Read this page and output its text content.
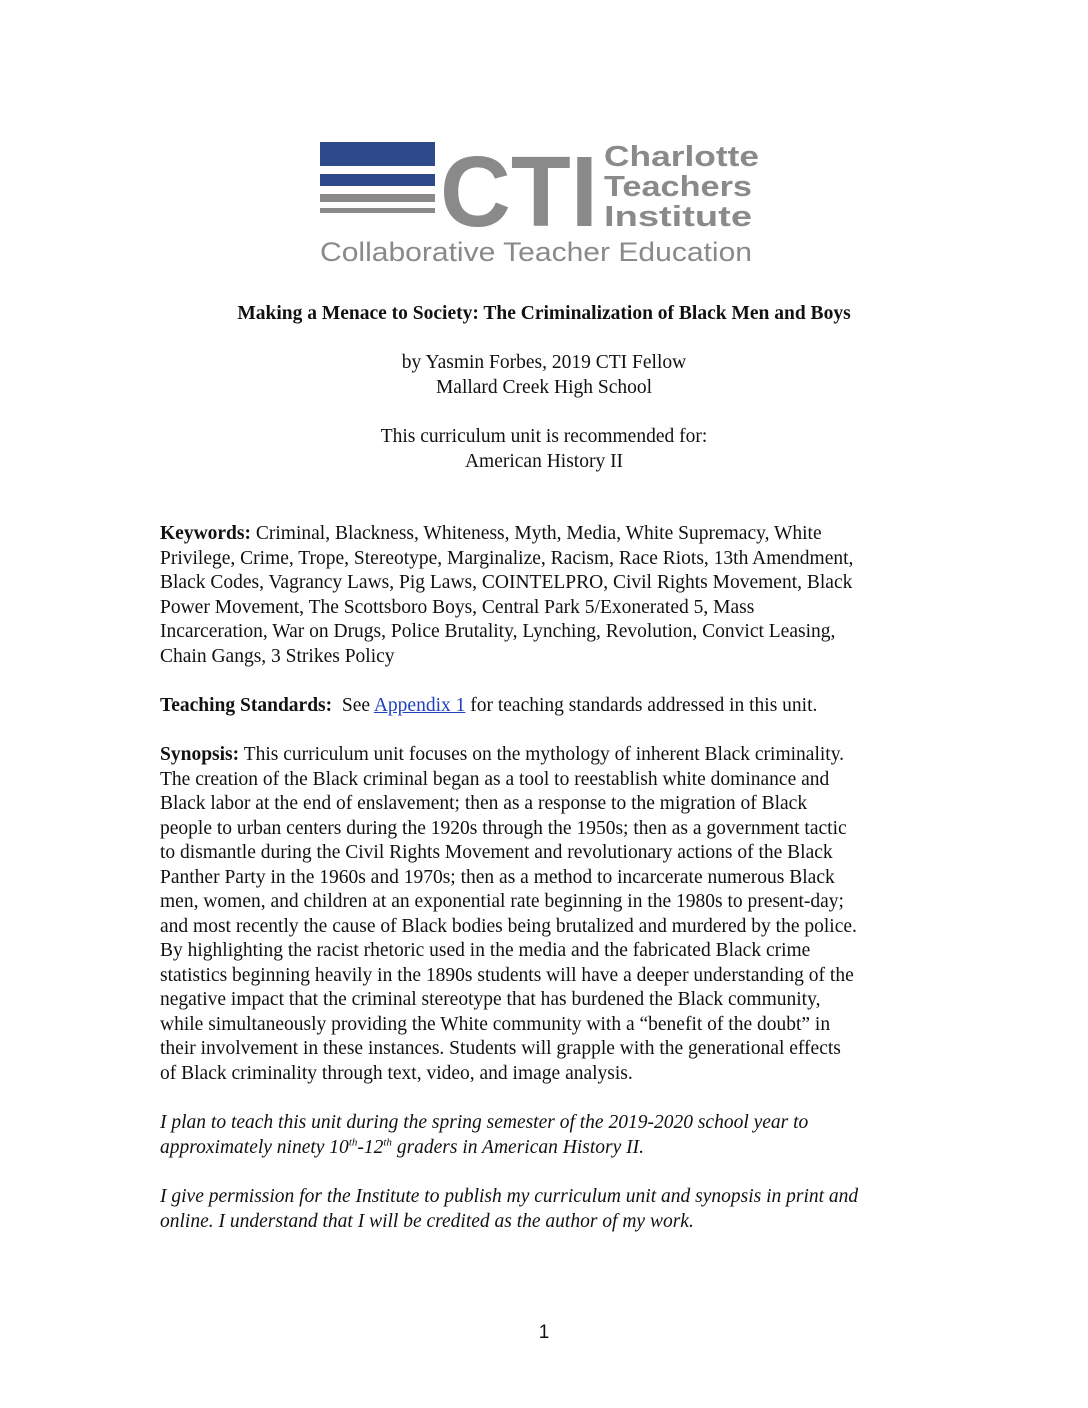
CTI Charlotte
Teachers
Institute
Collaborative Teacher Education
Making a Menace to Society: The Criminalization of Black Men and Boys
by Yasmin Forbes, 2019 CTI Fellow
Mallard Creek High School
This curriculum unit is recommended for:
American History II
Keywords: Criminal, Blackness, Whiteness, Myth, Media, White Supremacy, White
Privilege, Crime, Trope, Stereotype, Marginalize, Racism, Race Riots, 13th Amendment,
Black Codes, Vagrancy Laws, Pig Laws, COINTELPRO, Civil Rights Movement, Black
Power Movement, The Scottsboro Boys, Central Park 5/Exonerated 5, Mass
Incarceration, War on Drugs, Police Brutality, Lynching, Revolution, Convict Leasing,
Chain Gangs, 3 Strikes Policy
Teaching Standards: See Appendix 1 for teaching standards addressed in this unit.
Synopsis: This curriculum unit focuses on the mythology of inherent Black criminality.
The creation of the Black criminal began as a tool to reestablish white dominance and
Black labor at the end of enslavement; then as a response to the migration of Black
people to urban centers during the 1920s through the 1950s; then as a government tactic
to dismantle during the Civil Rights Movement and revolutionary actions of the Black
Panther Party in the 1960s and 1970s; then as a method to incarcerate numerous Black
men, women, and children at an exponential rate beginning in the 1980s to present-day;
and most recently the cause of Black bodies being brutalized and murdered by the police.
By highlighting the racist rhetoric used in the media and the fabricated Black crime
statistics beginning heavily in the 1890s students will have a deeper understanding of the
negative impact that the criminal stereotype that has burdened the Black community,
while simultaneously providing the White community with a “benefit of the doubt” in
their involvement in these instances. Students will grapple with the generational effects
of Black criminality through text, video, and image analysis.
I plan to teach this unit during the spring semester of the 2019-2020 school year to
approximately ninety 10th-12th graders in American History II.
I give permission for the Institute to publish my curriculum unit and synopsis in print and
online. I understand that I will be credited as the author of my work.
1
